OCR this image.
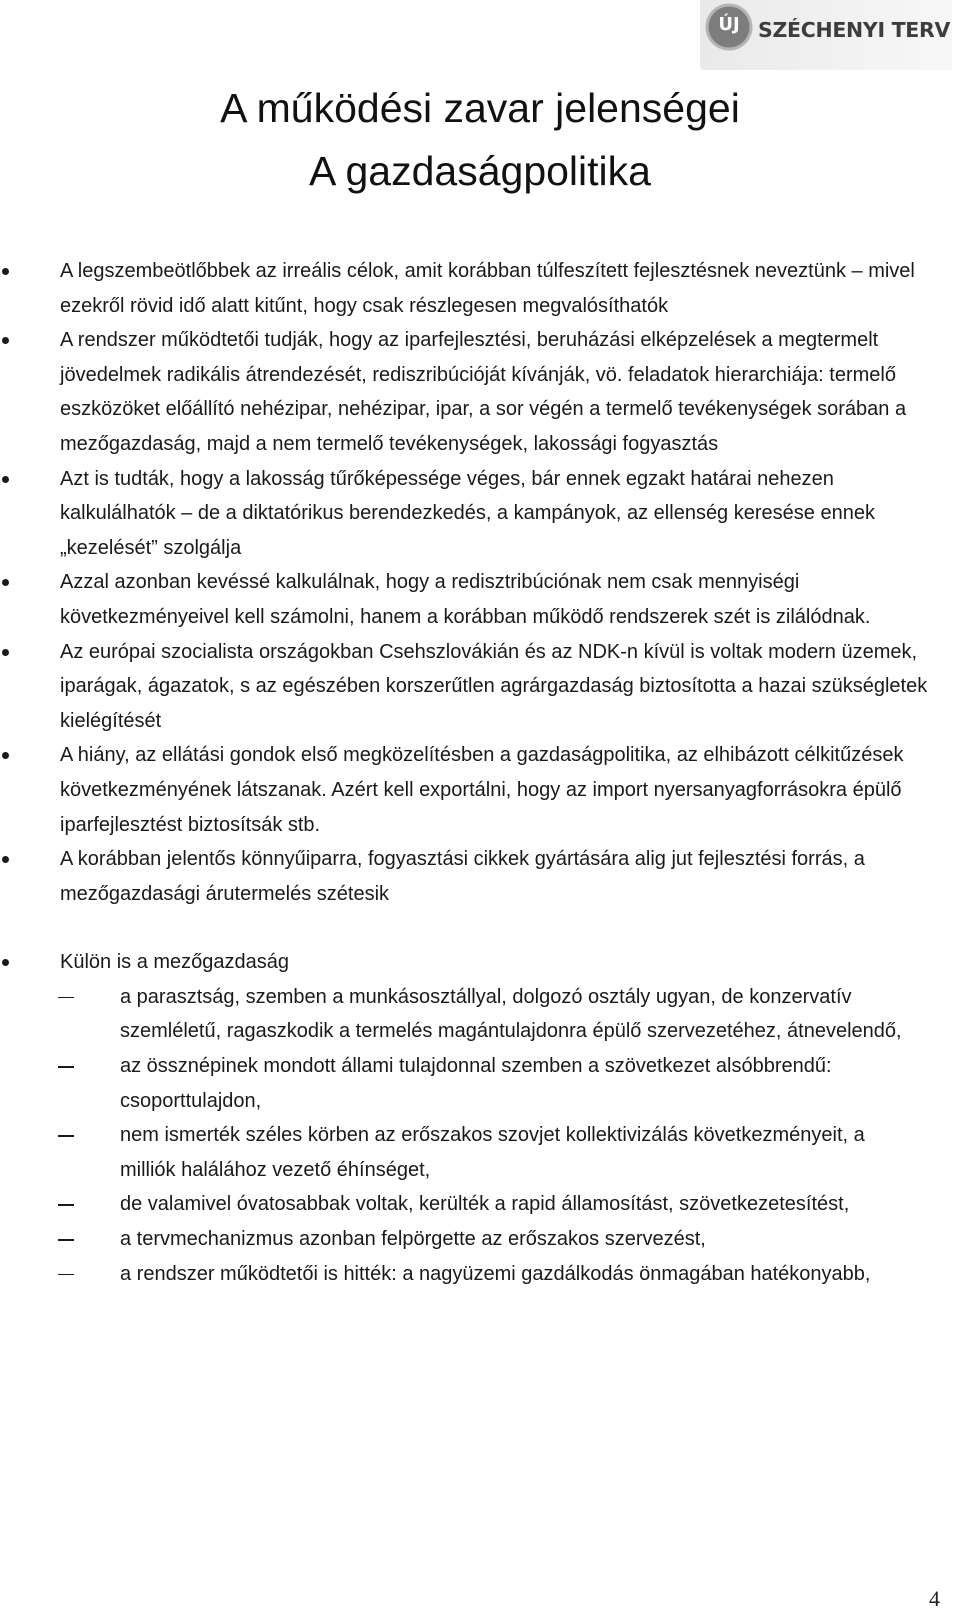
ÚJ SZÉCHENYI TERV
A működési zavar jelenségei
A gazdaságpolitika
A legszembeötlőbbek az irreális célok, amit korábban túlfeszített fejlesztésnek neveztünk – mivel ezekről rövid idő alatt kitűnt, hogy csak részlegesen megvalósíthatók
A rendszer működtetői tudják, hogy az iparfejlesztési, beruházási elképzelések a megtermelt jövedelmek radikális átrendezését, rediszribúcióját kívánják, vö. feladatok hierarchiája: termelő eszközöket előállító nehézipar, nehézipar, ipar, a sor végén a termelő tevékenységek sorában a mezőgazdaság, majd a nem termelő tevékenységek, lakossági fogyasztás
Azt is tudták, hogy a lakosság tűrőképessége véges, bár ennek egzakt határai nehezen kalkulálhatók – de a diktatórikus berendezkedés, a kampányok, az ellenség keresése ennek „kezelését” szolgálja
Azzal azonban kevéssé kalkulálnak, hogy a redisztribúciónak nem csak mennyiségi következményeivel kell számolni, hanem a korábban működő rendszerek szét is zilálódnak.
Az európai szocialista országokban Csehszlovákián és az NDK-n kívül is voltak modern üzemek, iparágak, ágazatok, s az egészében korszerűtlen agrárgazdaság biztosította a hazai szükségletek kielégítését
A hiány, az ellátási gondok első megközelítésben a gazdaságpolitika, az elhibázott célkitűzések következményének látszanak. Azért kell exportálni, hogy az import nyersanyagforrásokra épülő iparfejlesztést biztosítsák stb.
A korábban jelentős könnyűiparra, fogyasztási cikkek gyártására alig jut fejlesztési forrás, a mezőgazdasági árutermelés szétesik
Külön is a mezőgazdaság
a parasztság, szemben a munkásosztállyal, dolgozó osztály ugyan, de konzervatív szemléletű, ragaszkodik a termelés magántulajdonra épülő szervezetéhez, átnevelendő,
az össznépinek mondott állami tulajdonnal szemben a szövetkezet alsóbbrendű: csoporttulajdon,
nem ismerték széles körben az erőszakos szovjet kollektivizálás következményeit, a milliók halálához vezető éhínséget,
de valamivel óvatosabbak voltak, kerülték a rapid államosítást, szövetkezetesítést,
a tervmechanizmus azonban felpörgette az erőszakos szervezést,
a rendszer működtetői is hitték: a nagyüzemi gazdálkodás önmagában hatékonyabb,
4
